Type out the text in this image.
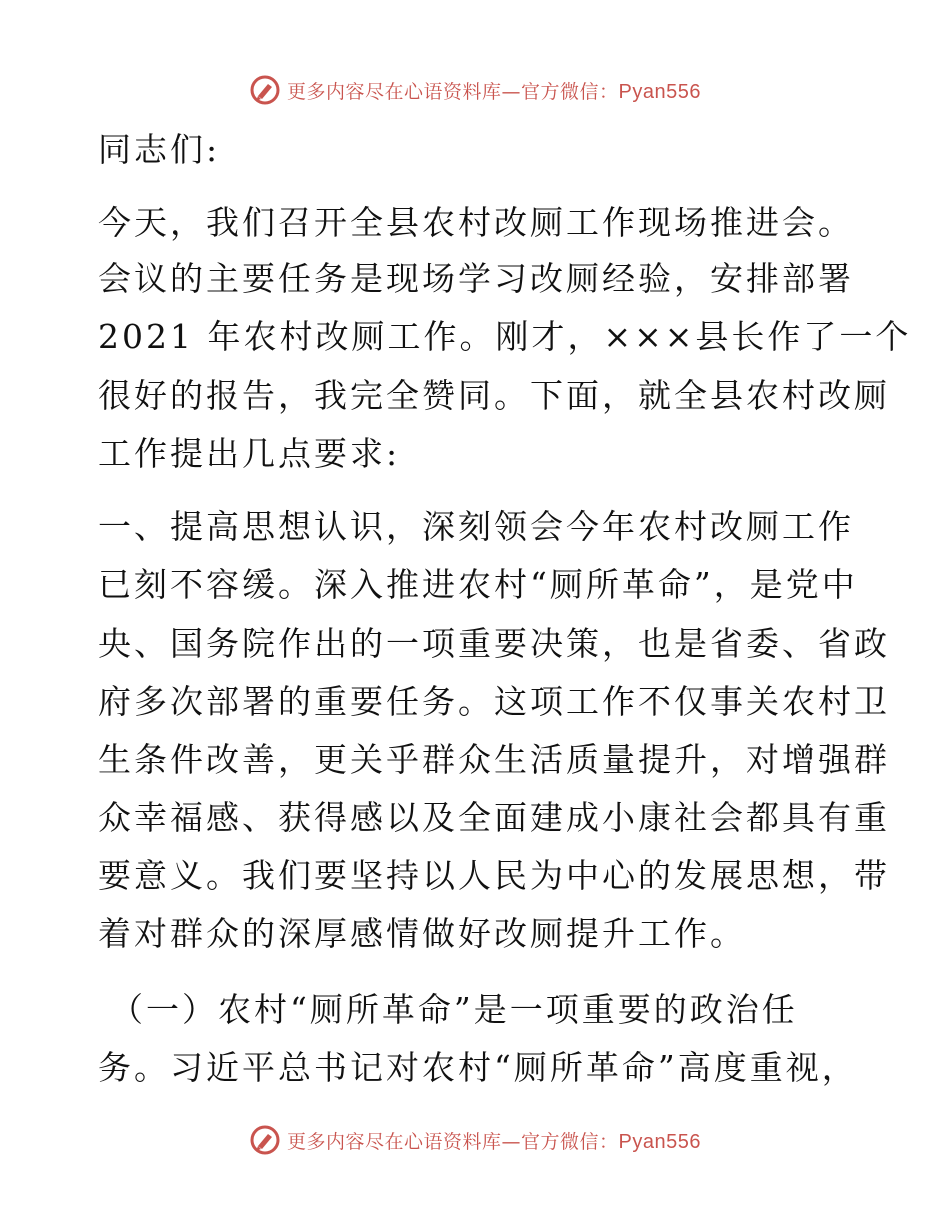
更多内容尽在心语资料库—官方微信：Pyan556
同志们:
今天，我们召开全县农村改厕工作现场推进会。
会议的主要任务是现场学习改厕经验，安排部署
2021 年农村改厕工作。刚才，×××县长作了一个
很好的报告，我完全赞同。下面，就全县农村改厕
工作提出几点要求:
一、提高思想认识，深刻领会今年农村改厕工作
已刻不容缓。深入推进农村“厕所革命”，是党中
央、国务院作出的一项重要决策，也是省委、省政
府多次部署的重要任务。这项工作不仅事关农村卫
生条件改善，更关乎群众生活质量提升，对增强群
众幸福感、获得感以及全面建成小康社会都具有重
要意义。我们要坚持以人民为中心的发展思想，带
着对群众的深厚感情做好改厕提升工作。
（一）农村“厕所革命”是一项重要的政治任
务。习近平总书记对农村“厕所革命”高度重视，
更多内容尽在心语资料库—官方微信：Pyan556
